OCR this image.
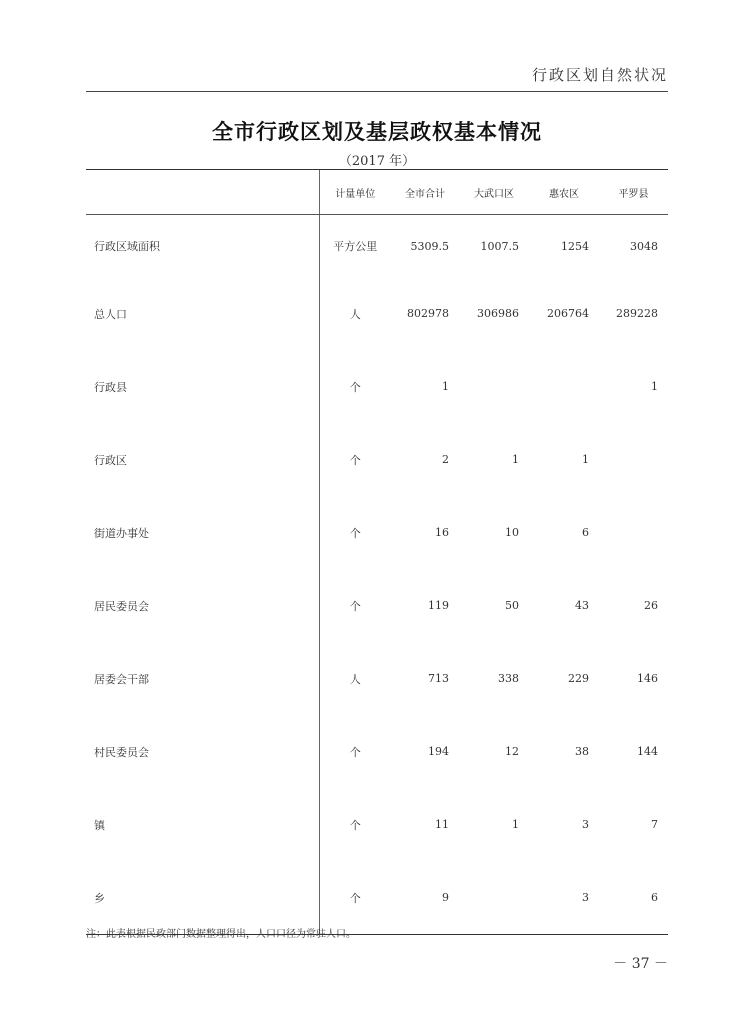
行政区划自然状况
全市行政区划及基层政权基本情况
（2017 年）
	计量单位	全市合计	大武口区	惠农区	平罗县
行政区域面积	平方公里	5309.5	1007.5	1254	3048
总人口	人	802978	306986	206764	289228
行政县	个	1			1
行政区	个	2	1	1	
街道办事处	个	16	10	6	
居民委员会	个	119	50	43	26
居委会干部	人	713	338	229	146
村民委员会	个	194	12	38	144
镇	个	11	1	3	7
乡	个	9		3	6
注：此表根据民政部门数据整理得出，人口口径为常驻人口。
－ 37 －
